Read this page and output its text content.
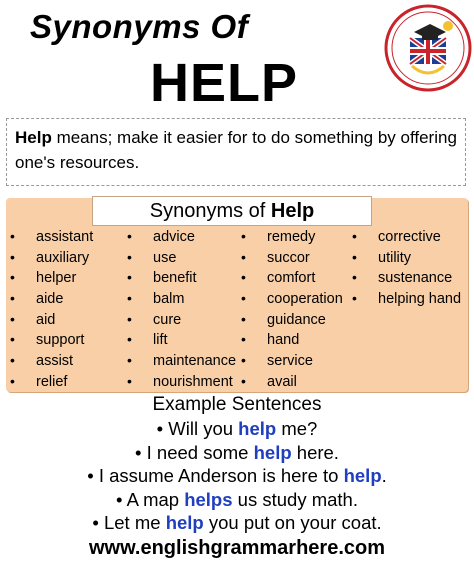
Synonyms Of
HELP
Help means; make it easier for to do something by offering one's resources.
Synonyms of Help
• assistant
• auxiliary
• helper
• aide
• aid
• support
• assist
• relief
• advice
• use
• benefit
• balm
• cure
• lift
• maintenance
• nourishment
• remedy
• succor
• comfort
• cooperation
• guidance
• hand
• service
• avail
• corrective
• utility
• sustenance
• helping hand
Example Sentences
• Will you help me?
• I need some help here.
• I assume Anderson is here to help.
• A map helps us study math.
• Let me help you put on your coat.
www.englishgrammarhere.com
